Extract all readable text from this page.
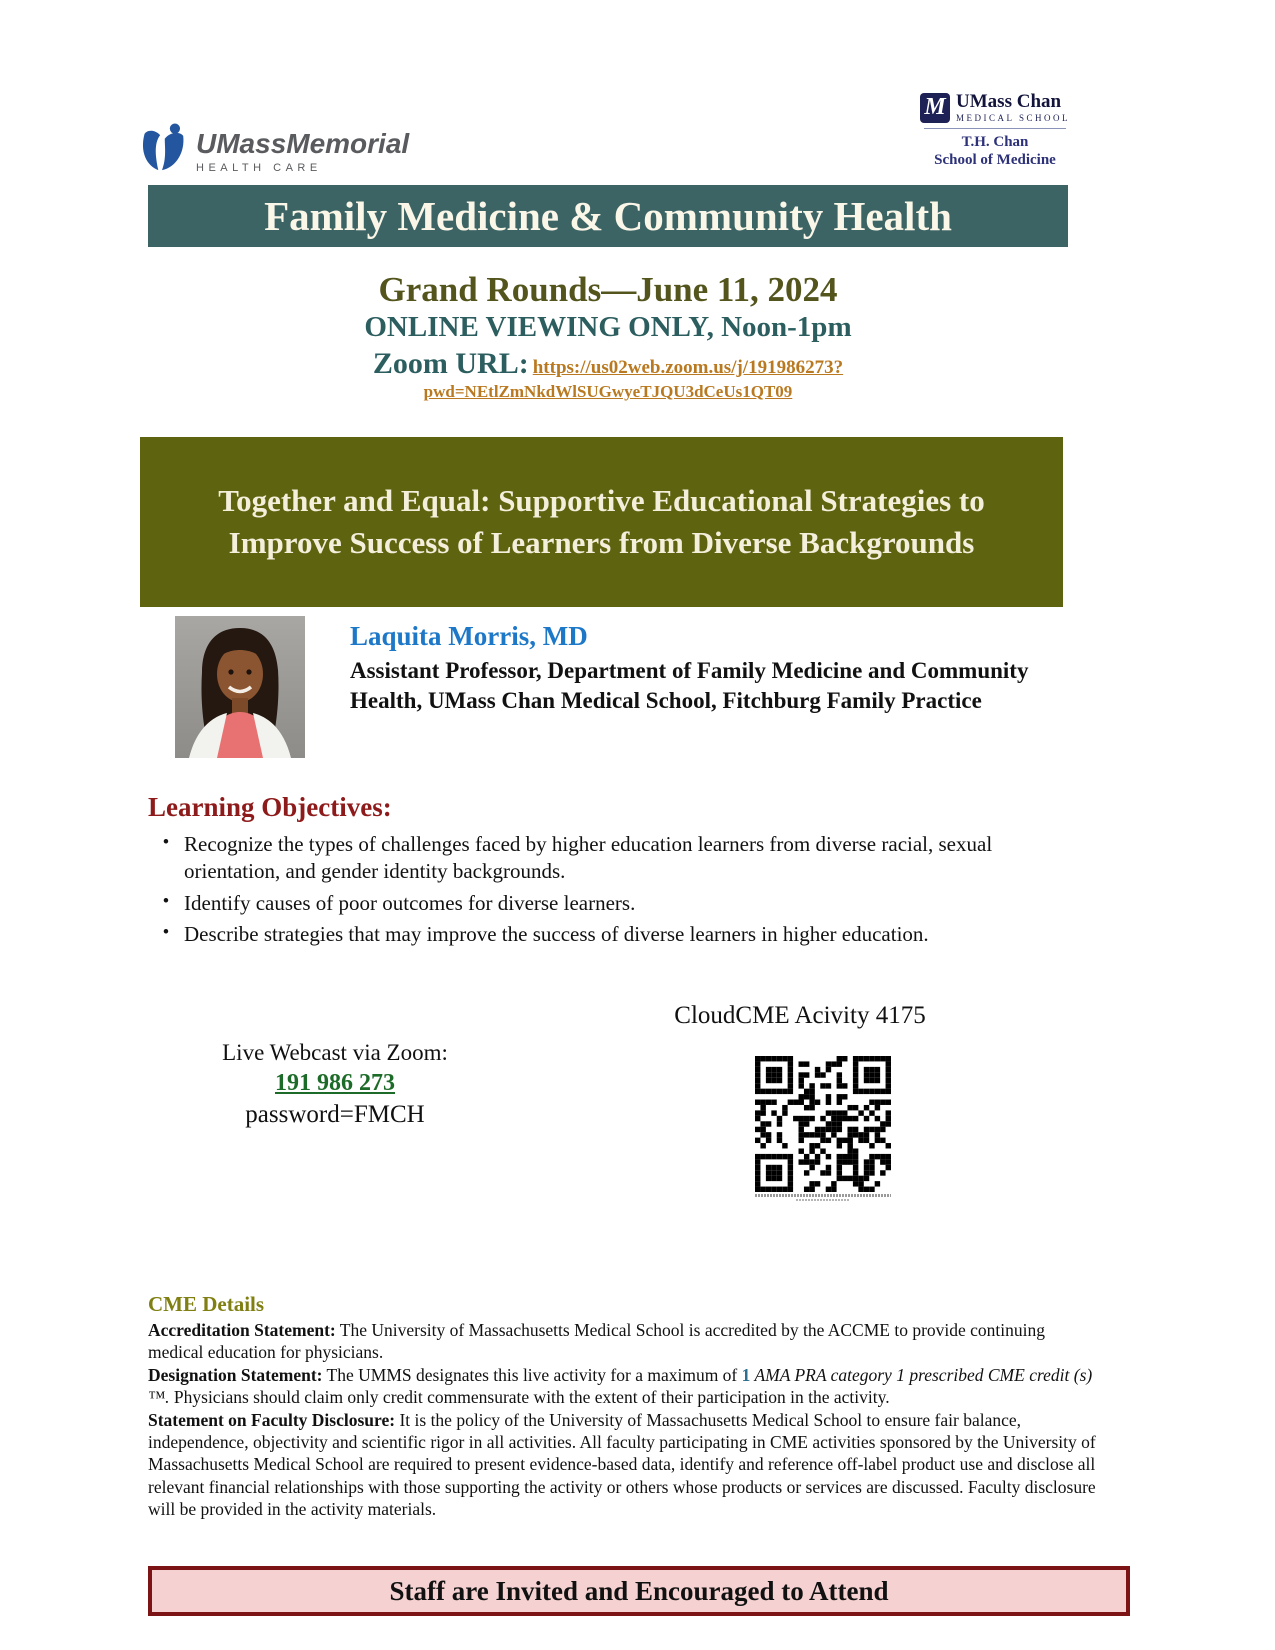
UMassMemorial
HEALTH CARE
M UMass Chan
MEDICAL SCHOOL
T.H. Chan
School of Medicine
Family Medicine & Community Health
Grand Rounds—June 11, 2024
ONLINE VIEWING ONLY, Noon-1pm
Zoom URL: https://us02web.zoom.us/j/191986273?
pwd=NEtlZmNkdWlSUGwyeTJQU3dCeUs1QT09
Together and Equal: Supportive Educational Strategies to Improve Success of Learners from Diverse Backgrounds
Laquita Morris, MD
Assistant Professor, Department of Family Medicine and Community Health, UMass Chan Medical School, Fitchburg Family Practice
Learning Objectives:
• Recognize the types of challenges faced by higher education learners from diverse racial, sexual orientation, and gender identity backgrounds.
• Identify causes of poor outcomes for diverse learners.
• Describe strategies that may improve the success of diverse learners in higher education.
CloudCME Acivity 4175
Live Webcast via Zoom:
191 986 273
password=FMCH
CME Details

Accreditation Statement: The University of Massachusetts Medical School is accredited by the ACCME to provide continuing medical education for physicians.

Designation Statement: The UMMS designates this live activity for a maximum of 1 AMA PRA category 1 prescribed CME credit (s) ™. Physicians should claim only credit commensurate with the extent of their participation in the activity.

Statement on Faculty Disclosure: It is the policy of the University of Massachusetts Medical School to ensure fair balance, independence, objectivity and scientific rigor in all activities. All faculty participating in CME activities sponsored by the University of Massachusetts Medical School are required to present evidence-based data, identify and reference off-label product use and disclose all relevant financial relationships with those supporting the activity or others whose products or services are discussed. Faculty disclosure will be provided in the activity materials.

Staff are Invited and Encouraged to Attend
